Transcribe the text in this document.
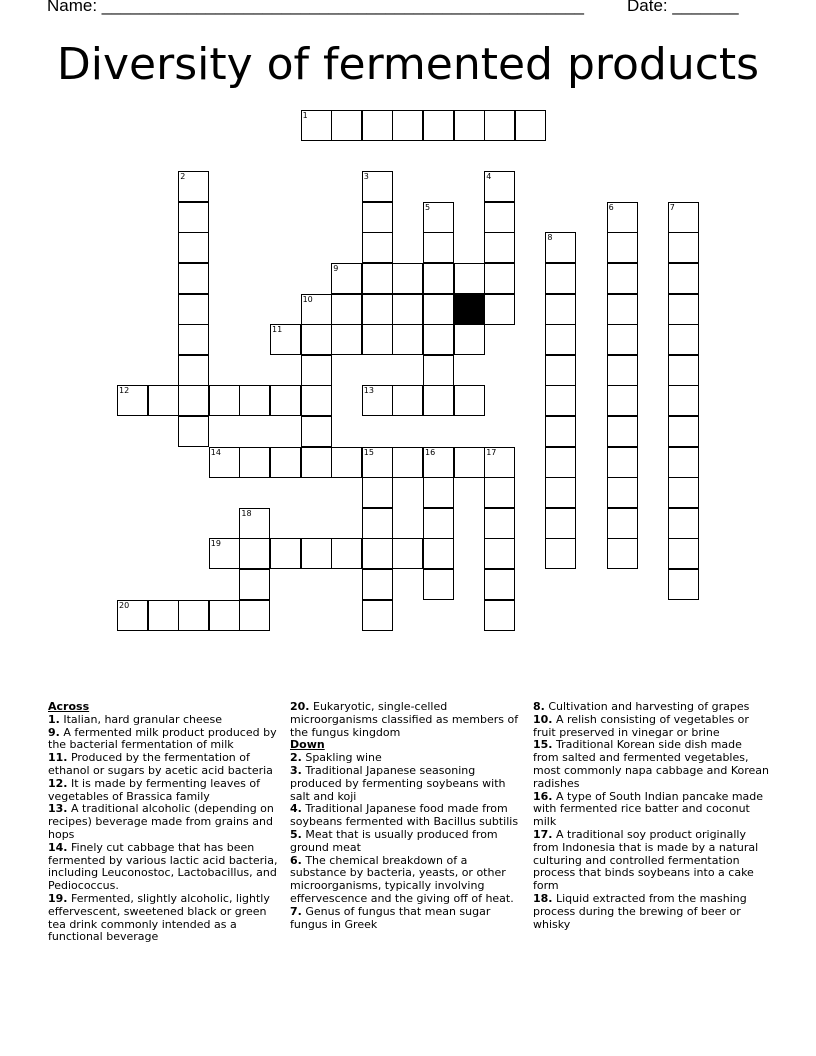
Name: ___________________________________________________	Date: _______
Diversity of fermented products
1
2	3	4
5	6	7
8
9
10
11
12	13
14	15	16	17
18
19
20
Across
1. Italian, hard granular cheese
9. A fermented milk product produced by the bacterial fermentation of milk
11. Produced by the fermentation of ethanol or sugars by acetic acid bacteria
12. It is made by fermenting leaves of vegetables of Brassica family
13. A traditional alcoholic (depending on recipes) beverage made from grains and hops
14. Finely cut cabbage that has been fermented by various lactic acid bacteria, including Leuconostoc, Lactobacillus, and Pediococcus.
19. Fermented, slightly alcoholic, lightly effervescent, sweetened black or green tea drink commonly intended as a functional beverage
20. Eukaryotic, single-celled microorganisms classified as members of the fungus kingdom
Down
2. Spakling wine
3. Traditional Japanese seasoning produced by fermenting soybeans with salt and koji
4. Traditional Japanese food made from soybeans fermented with Bacillus subtilis
5. Meat that is usually produced from ground meat
6. The chemical breakdown of a substance by bacteria, yeasts, or other microorganisms, typically involving effervescence and the giving off of heat.
7. Genus of fungus that mean sugar fungus in Greek
8. Cultivation and harvesting of grapes
10. A relish consisting of vegetables or fruit preserved in vinegar or brine
15. Traditional Korean side dish made from salted and fermented vegetables, most commonly napa cabbage and Korean radishes
16. A type of South Indian pancake made with fermented rice batter and coconut milk
17. A traditional soy product originally from Indonesia that is made by a natural culturing and controlled fermentation process that binds soybeans into a cake form
18. Liquid extracted from the mashing process during the brewing of beer or whisky
